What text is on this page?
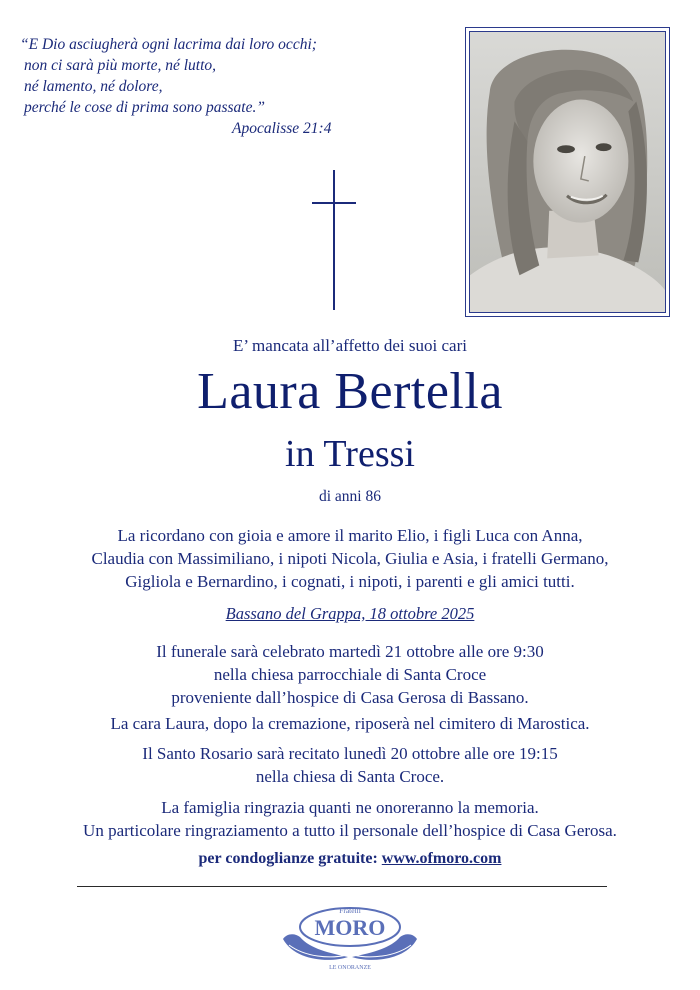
“E Dio asciugherà ogni lacrima dai loro occhi;
non ci sarà più morte, né lutto,
né lamento, né dolore,
perché le cose di prima sono passate.”
Apocalisse 21:4
E’ mancata all’affetto dei suoi cari
Laura Bertella
in Tressi
di anni 86
La ricordano con gioia e amore il marito Elio, i figli Luca con Anna,
Claudia con Massimiliano, i nipoti Nicola, Giulia e Asia, i fratelli Germano,
Gigliola e Bernardino, i cognati, i nipoti, i parenti e gli amici tutti.
Bassano del Grappa, 18 ottobre 2025
Il funerale sarà celebrato martedì 21 ottobre alle ore 9:30
nella chiesa parrocchiale di Santa Croce
proveniente dall’hospice di Casa Gerosa di Bassano.
La cara Laura, dopo la cremazione, riposerà nel cimitero di Marostica.
Il Santo Rosario sarà recitato lunedì 20 ottobre alle ore 19:15
nella chiesa di Santa Croce.
La famiglia ringrazia quanti ne onoreranno la memoria.
Un particolare ringraziamento a tutto il personale dell’hospice di Casa Gerosa.
per condoglianze gratuite: www.ofmoro.com
Fratelli
MORO
LE ONORANZE
